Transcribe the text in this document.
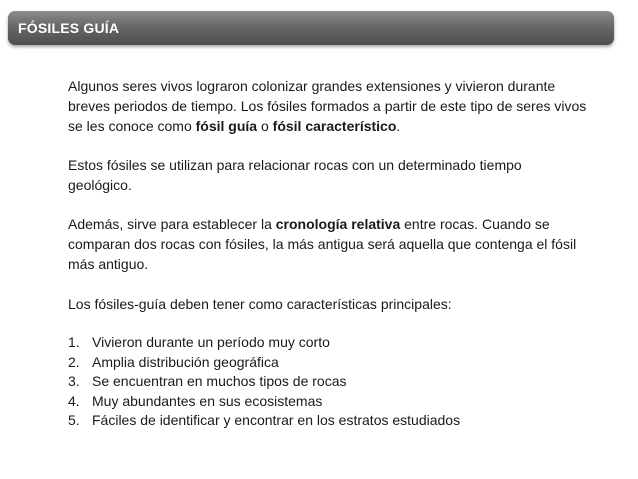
FÓSILES GUÍA

Algunos seres vivos lograron colonizar grandes extensiones y vivieron durante breves periodos de tiempo. Los fósiles formados a partir de este tipo de seres vivos se les conoce como fósil guía o fósil característico.

Estos fósiles se utilizan para relacionar rocas con un determinado tiempo geológico.

Además, sirve para establecer la cronología relativa entre rocas. Cuando se comparan dos rocas con fósiles, la más antigua será aquella que contenga el fósil más antiguo.

Los fósiles-guía deben tener como características principales:

1. Vivieron durante un período muy corto
2. Amplia distribución geográfica
3. Se encuentran en muchos tipos de rocas
4. Muy abundantes en sus ecosistemas
5. Fáciles de identificar y encontrar en los estratos estudiados
